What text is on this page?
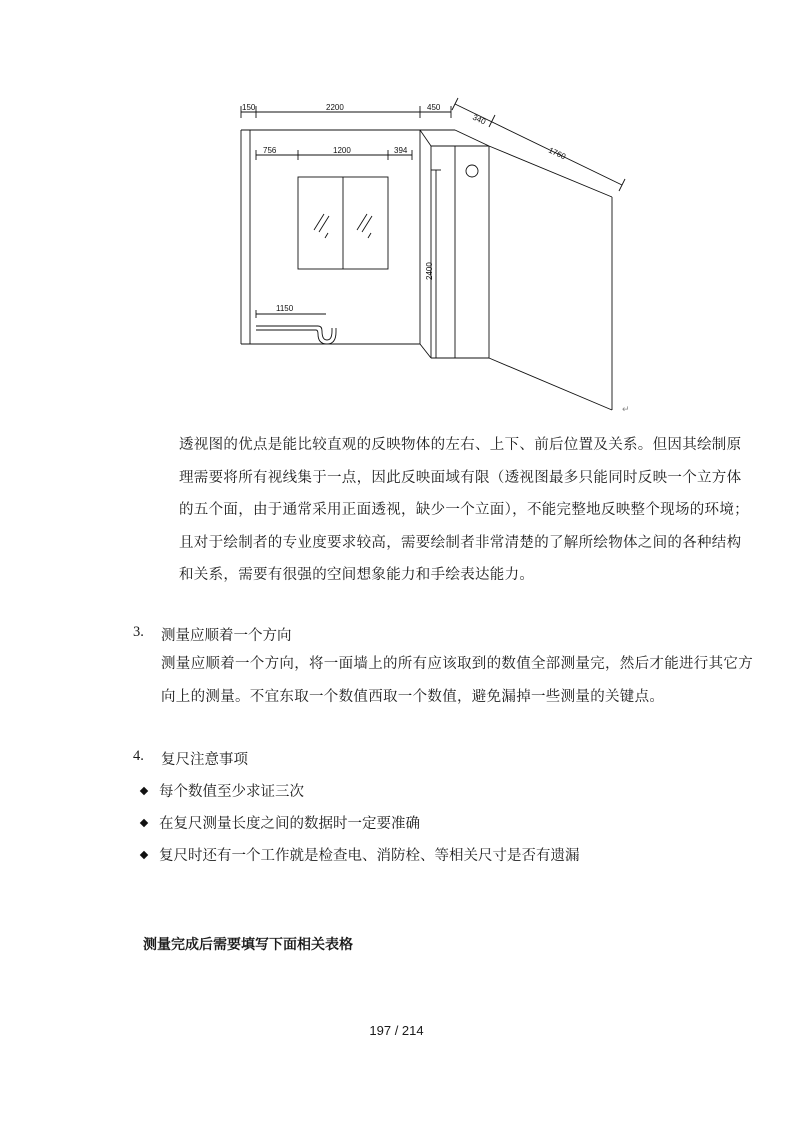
150	2200	450
340
1760
756	1200	394
2400
1150
↵

透视图的优点是能比较直观的反映物体的左右、上下、前后位置及关系。但因其绘制原

理需要将所有视线集于一点，因此反映面域有限（透视图最多只能同时反映一个立方体

的五个面，由于通常采用正面透视，缺少一个立面），不能完整地反映整个现场的环境；

且对于绘制者的专业度要求较高，需要绘制者非常清楚的了解所绘物体之间的各种结构

和关系，需要有很强的空间想象能力和手绘表达能力。

3. 测量应顺着一个方向

测量应顺着一个方向，将一面墙上的所有应该取到的数值全部测量完，然后才能进行其它方

向上的测量。不宜东取一个数值西取一个数值，避免漏掉一些测量的关键点。

4. 复尺注意事项
每个数值至少求证三次
在复尺测量长度之间的数据时一定要准确
复尺时还有一个工作就是检查电、消防栓、等相关尺寸是否有遗漏
测量完成后需要填写下面相关表格
197 / 214
